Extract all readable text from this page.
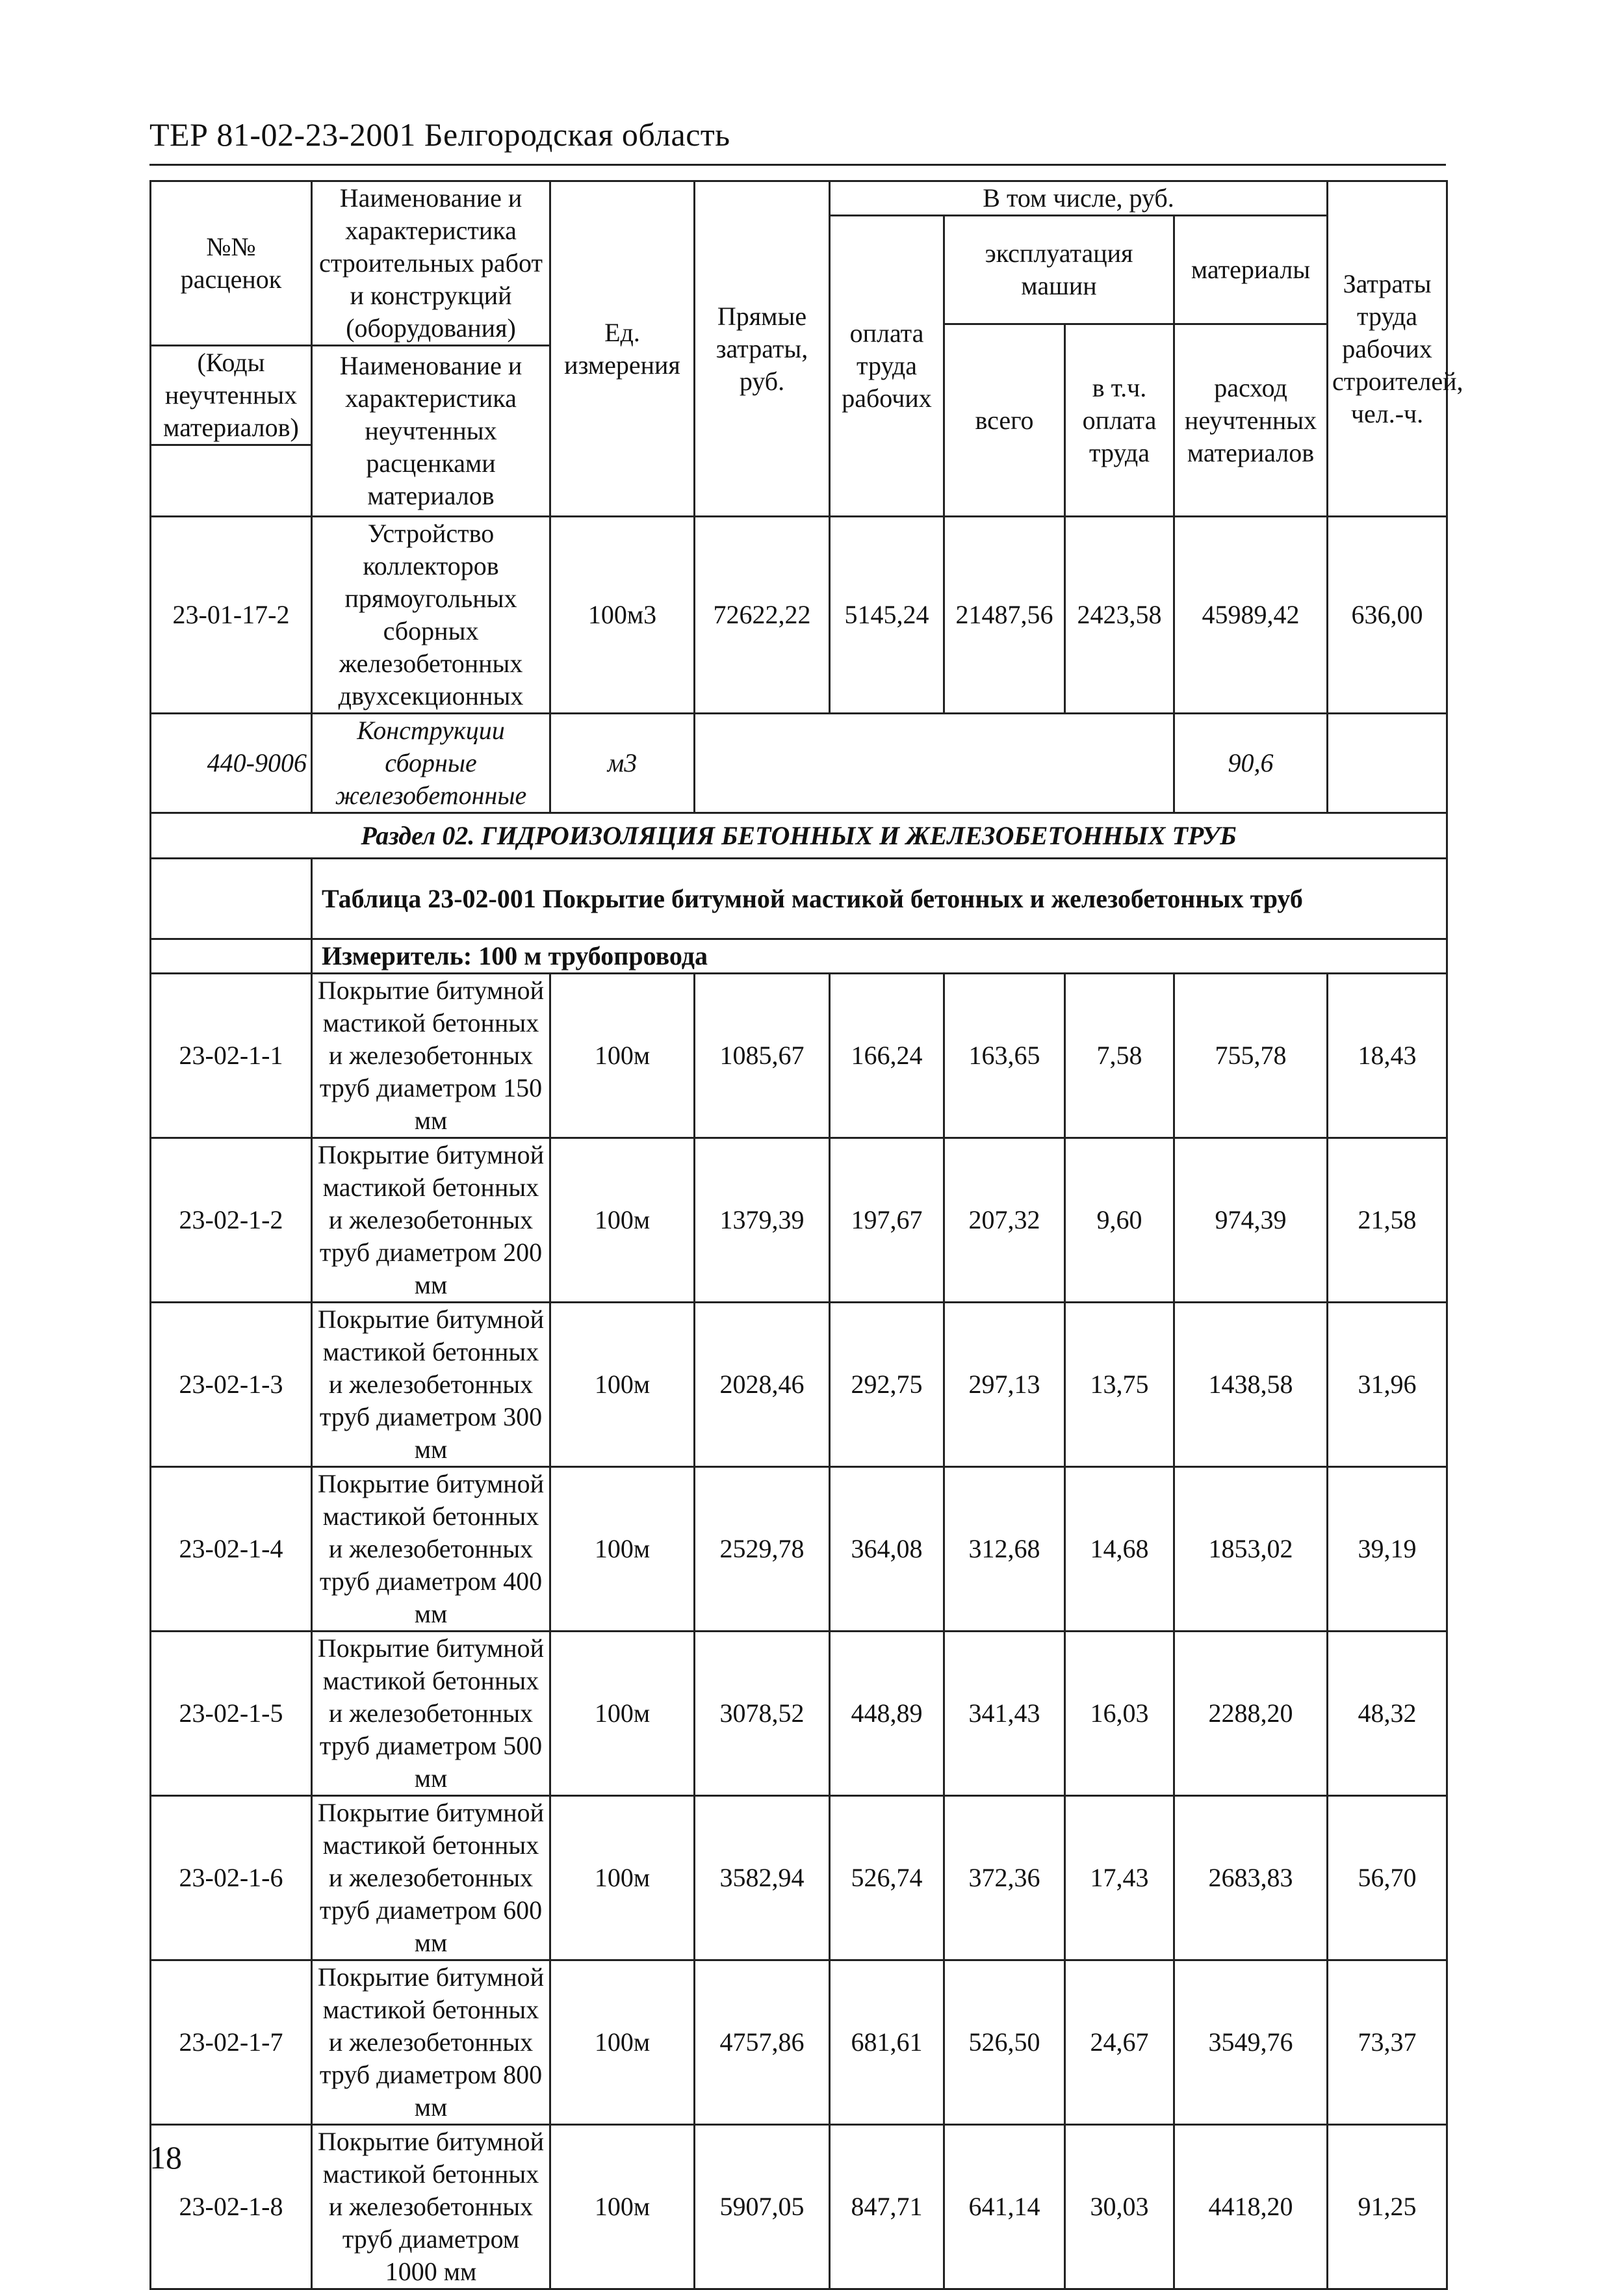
ТЕР 81-02-23-2001 Белгородская область
№№ расценок	Наименование и характеристика строительных работ и конструкций (оборудования)	Ед. измерения	Прямые затраты, руб.	В том числе, руб.				Затраты труда рабочих строителей, чел.-ч.
				оплата труда рабочих	эксплуатация машин		материалы	
					всего	в т.ч. оплата труда	расход неучтенных материалов	
(Коды неучтенных материалов)	Наименование и характеристика неучтенных расценками материалов							

23-01-17-2	Устройство коллекторов прямоугольных сборных железобетонных двухсекционных	100м3	72622,22	5145,24	21487,56	2423,58	45989,42	636,00
440-9006	Конструкции сборные железобетонные	м3					90,6	
Раздел 02. ГИДРОИЗОЛЯЦИЯ БЕТОННЫХ И ЖЕЛЕЗОБЕТОННЫХ ТРУБ								
	Таблица 23-02-001 Покрытие битумной мастикой бетонных и железобетонных труб							
	Измеритель: 100 м трубопровода							
23-02-1-1	Покрытие битумной мастикой бетонных и железобетонных труб диаметром 150 мм	100м	1085,67	166,24	163,65	7,58	755,78	18,43
23-02-1-2	Покрытие битумной мастикой бетонных и железобетонных труб диаметром 200 мм	100м	1379,39	197,67	207,32	9,60	974,39	21,58
23-02-1-3	Покрытие битумной мастикой бетонных и железобетонных труб диаметром 300 мм	100м	2028,46	292,75	297,13	13,75	1438,58	31,96
23-02-1-4	Покрытие битумной мастикой бетонных и железобетонных труб диаметром 400 мм	100м	2529,78	364,08	312,68	14,68	1853,02	39,19
23-02-1-5	Покрытие битумной мастикой бетонных и железобетонных труб диаметром 500 мм	100м	3078,52	448,89	341,43	16,03	2288,20	48,32
23-02-1-6	Покрытие битумной мастикой бетонных и железобетонных труб диаметром 600 мм	100м	3582,94	526,74	372,36	17,43	2683,83	56,70
23-02-1-7	Покрытие битумной мастикой бетонных и железобетонных труб диаметром 800 мм	100м	4757,86	681,61	526,50	24,67	3549,76	73,37
23-02-1-8	Покрытие битумной мастикой бетонных и железобетонных труб диаметром 1000 мм	100м	5907,05	847,71	641,14	30,03	4418,20	91,25
18
